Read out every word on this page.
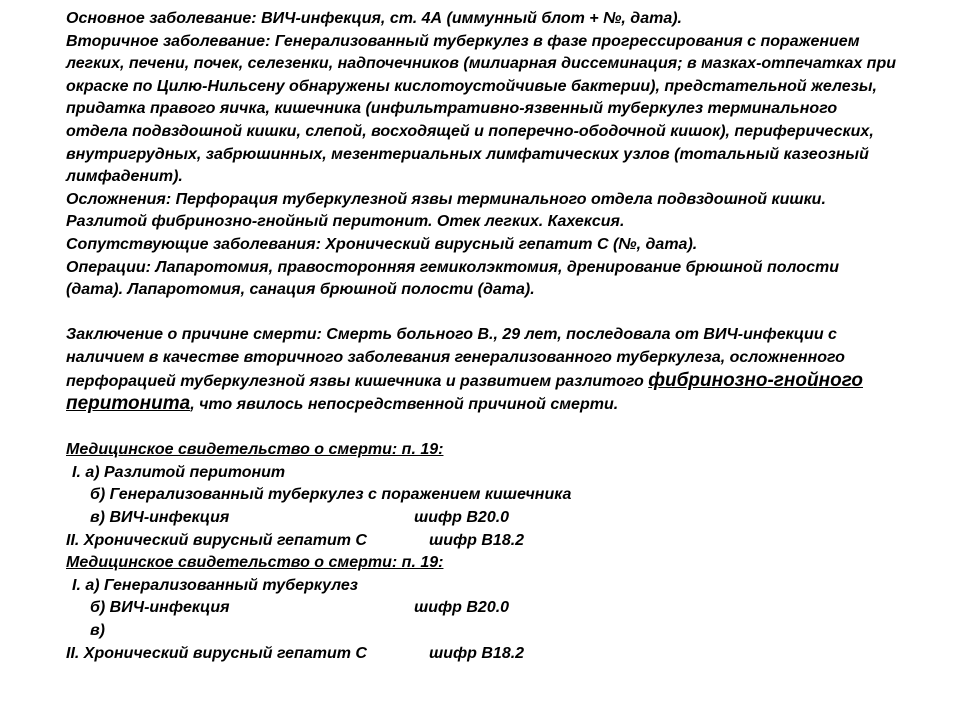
Основное заболевание: ВИЧ-инфекция, ст. 4А (иммунный блот + №, дата).

Вторичное заболевание: Генерализованный туберкулез в фазе прогрессирования с поражением легких, печени, почек, селезенки, надпочечников (милиарная диссеминация; в мазках-отпечатках при окраске по Цилю-Нильсену обнаружены кислотоустойчивые бактерии), предстательной железы, придатка правого яичка, кишечника (инфильтративно-язвенный туберкулез терминального отдела подвздошной кишки, слепой, восходящей и поперечно-ободочной кишок), периферических, внутригрудных, забрюшинных, мезентериальных лимфатических узлов (тотальный казеозный лимфаденит).

Осложнения: Перфорация туберкулезной язвы терминального отдела подвздошной кишки. Разлитой фибринозно-гнойный перитонит. Отек легких. Кахексия.

Сопутствующие заболевания: Хронический вирусный гепатит С (№, дата).

Операции: Лапаротомия, правосторонняя гемиколэктомия, дренирование брюшной полости (дата). Лапаротомия, санация брюшной полости (дата).

Заключение о причине смерти: Смерть больного В., 29 лет, последовала от ВИЧ-инфекции с наличием в качестве вторичного заболевания генерализованного туберкулеза, осложненного перфорацией туберкулезной язвы кишечника и развитием разлитого фибринозно-гнойного перитонита, что явилось непосредственной причиной смерти.

Медицинское свидетельство о смерти: п. 19:
I. а) Разлитой перитонит
б) Генерализованный туберкулез с поражением кишечника
в) ВИЧ-инфекция	шифр В20.0
II. Хронический вирусный гепатит С	шифр В18.2
Медицинское свидетельство о смерти: п. 19:
I. а) Генерализованный туберкулез
б) ВИЧ-инфекция	шифр В20.0
в)
II. Хронический вирусный гепатит С	шифр В18.2
